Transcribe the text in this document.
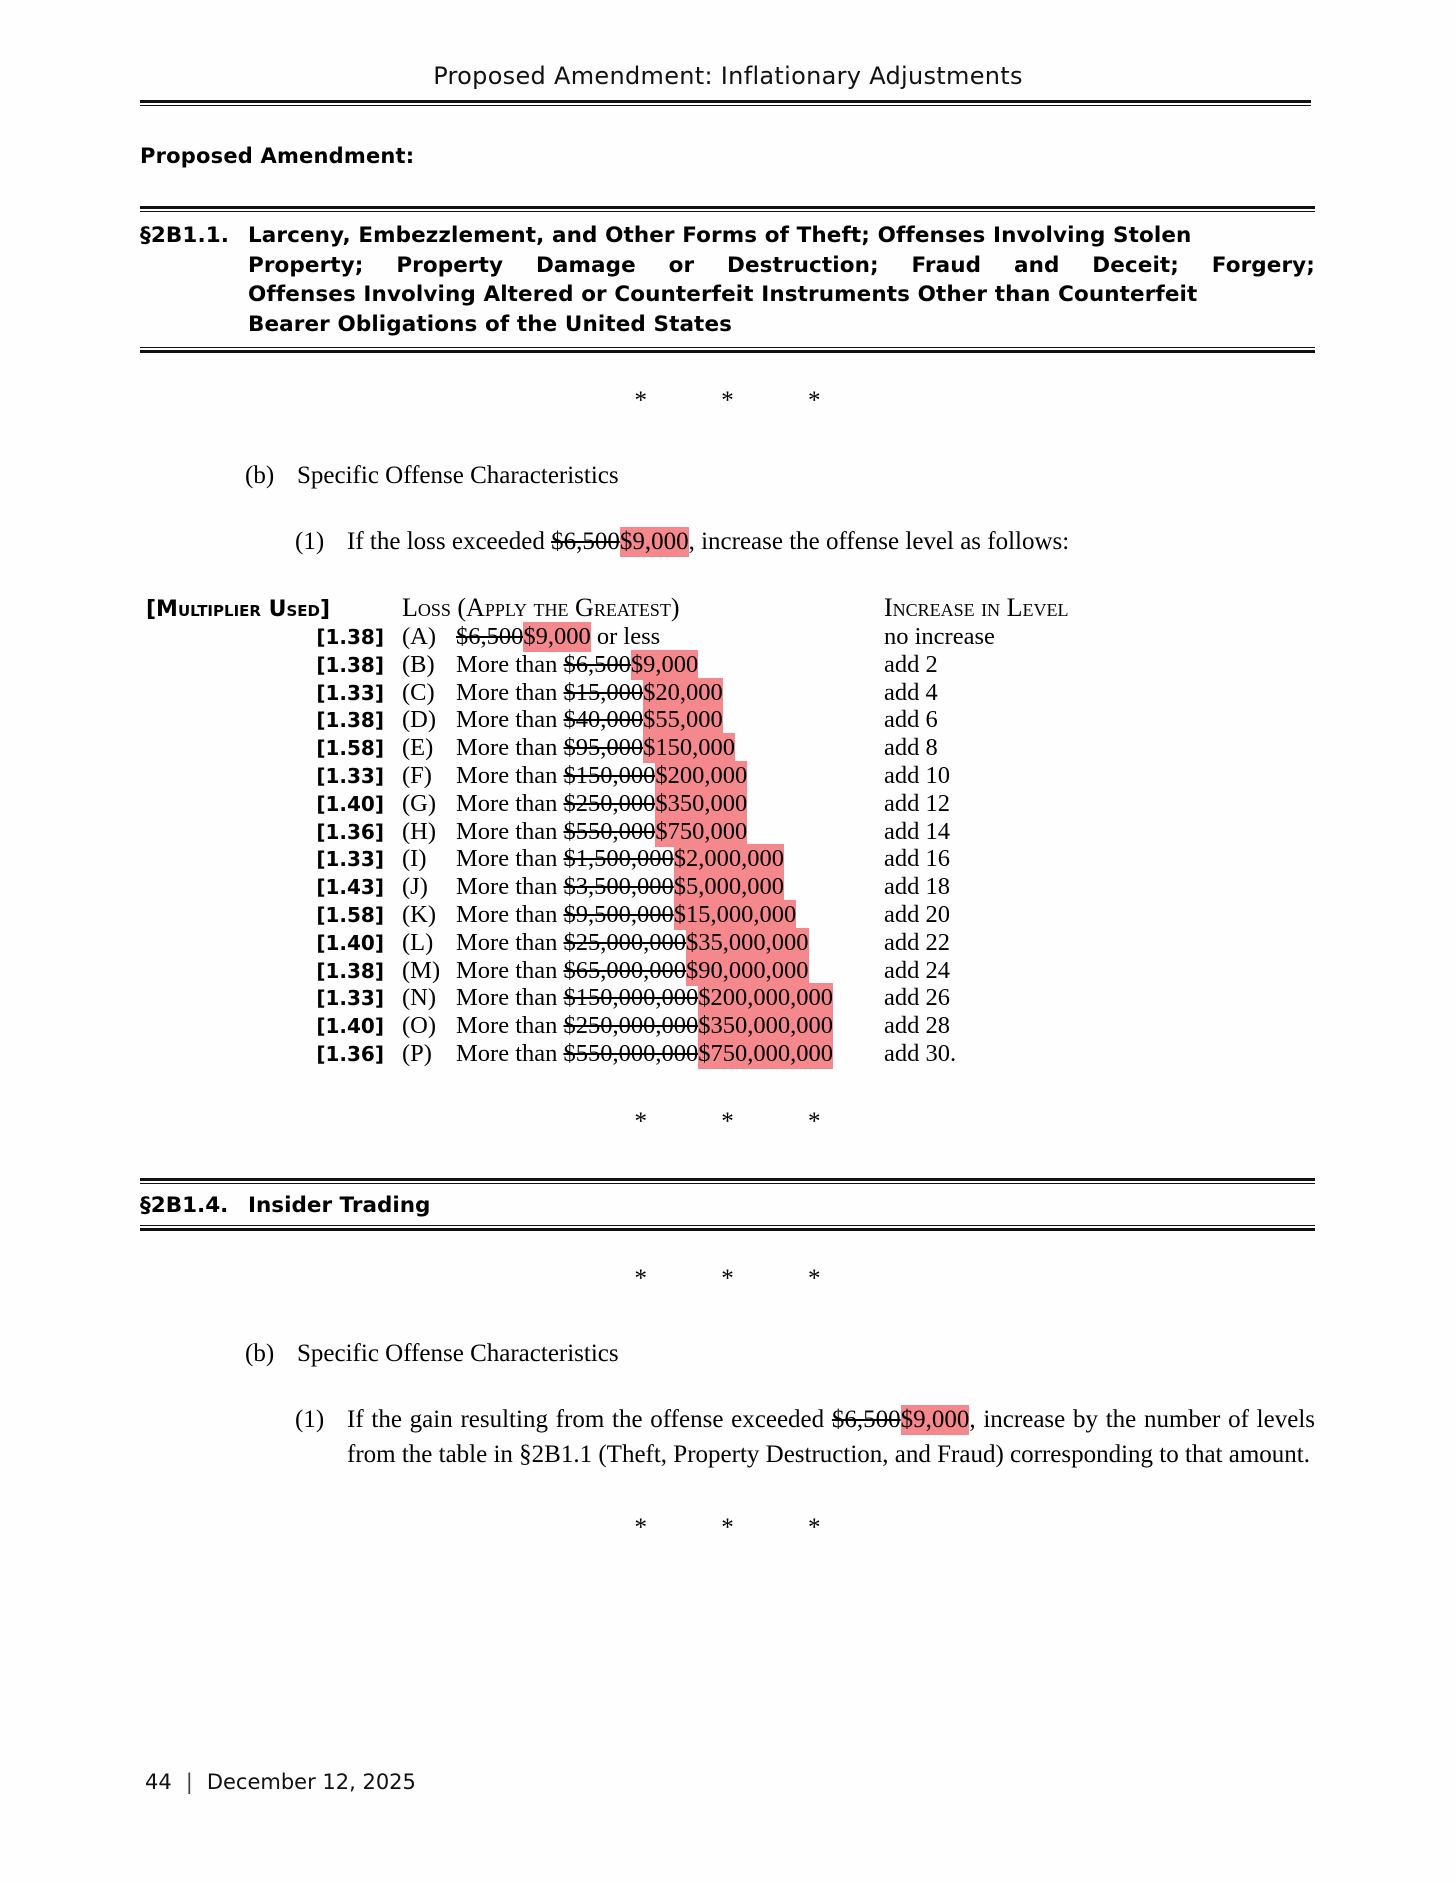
Proposed Amendment: Inflationary Adjustments
Proposed Amendment:
§2B1.1. Larceny, Embezzlement, and Other Forms of Theft; Offenses Involving Stolen
Property; Property Damage or Destruction; Fraud and Deceit; Forgery;
Offenses Involving Altered or Counterfeit Instruments Other than Counterfeit
Bearer Obligations of the United States
* * *
(b) Specific Offense Characteristics
(1) If the loss exceeded $6,500$9,000, increase the offense level as follows:
[Multiplier Used]	Loss (Apply the Greatest)	Increase in Level
[1.38] (A) $6,500$9,000 or less	no increase
[1.38] (B) More than $6,500$9,000	add 2
[1.33] (C) More than $15,000$20,000	add 4
[1.38] (D) More than $40,000$55,000	add 6
[1.58] (E) More than $95,000$150,000	add 8
[1.33] (F) More than $150,000$200,000	add 10
[1.40] (G) More than $250,000$350,000	add 12
[1.36] (H) More than $550,000$750,000	add 14
[1.33] (I) More than $1,500,000$2,000,000	add 16
[1.43] (J) More than $3,500,000$5,000,000	add 18
[1.58] (K) More than $9,500,000$15,000,000	add 20
[1.40] (L) More than $25,000,000$35,000,000	add 22
[1.38] (M) More than $65,000,000$90,000,000	add 24
[1.33] (N) More than $150,000,000$200,000,000	add 26
[1.40] (O) More than $250,000,000$350,000,000	add 28
[1.36] (P) More than $550,000,000$750,000,000	add 30.
* * *
§2B1.4. Insider Trading
* * *
(b) Specific Offense Characteristics
(1) If the gain resulting from the offense exceeded $6,500$9,000, increase by the number of levels from the table in §2B1.1 (Theft, Property Destruction, and Fraud) corresponding to that amount.
* * *
44 | December 12, 2025
